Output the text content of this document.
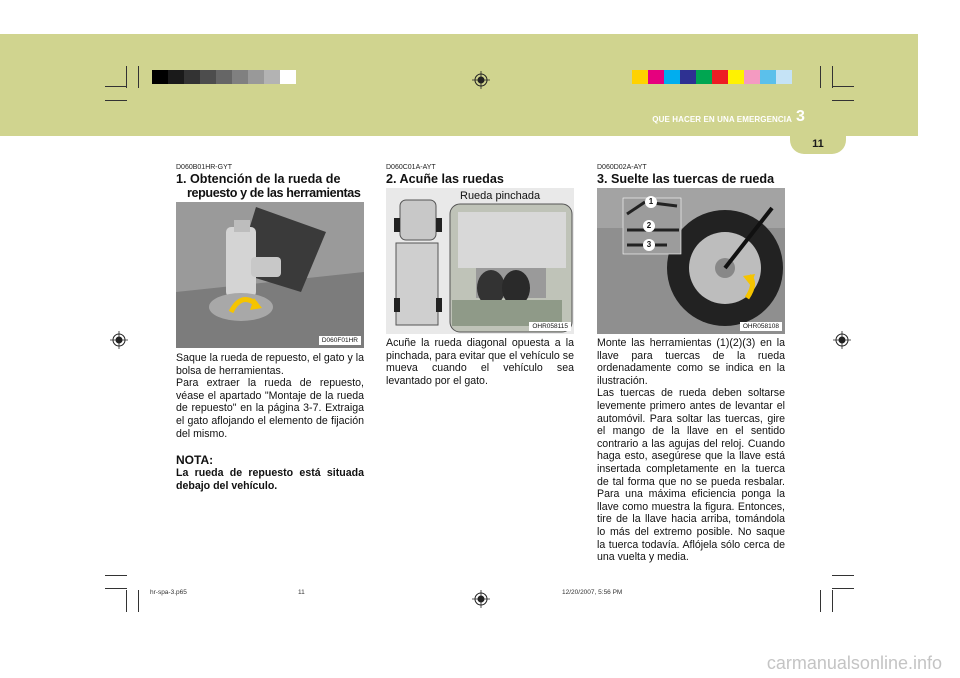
11
QUE HACER EN UNA EMERGENCIA 3
D060B01HR-GYT
1. Obtención de la rueda de
repuesto y de las herramientas
D060F01HR
Saque la rueda de repuesto, el gato y la bolsa de herramientas.
Para extraer la rueda de repuesto, véase el apartado "Montaje de la rueda de repuesto" en la página 3-7. Extraiga el gato aflojando el elemento de fijación del mismo.
NOTA:
La rueda de repuesto está situada debajo del vehículo.
D060C01A-AYT
2. Acuñe las ruedas
Rueda pinchada
OHR058115
Acuñe la rueda diagonal opuesta a la pinchada, para evitar que el vehículo se mueva cuando el vehículo sea levantado por el gato.
D060D02A-AYT
3. Suelte las tuercas de rueda
1
2
3
OHR058108
Monte las herramientas (1)(2)(3) en la llave para tuercas de la rueda ordenadamente como se indica en la ilustración.
Las tuercas de rueda deben soltarse levemente primero antes de levantar el automóvil. Para soltar las tuercas, gire el mango de la llave en el sentido contrario a las agujas del reloj. Cuando haga esto, asegúrese que la llave está insertada completamente en la tuerca de tal forma que no se pueda resbalar. Para una máxima eficiencia ponga la llave como muestra la figura. Entonces, tire de la llave hacia arriba, tomándola lo más del extremo posible. No saque la tuerca todavía. Aflójela sólo cerca de una vuelta y media.
hr-spa-3.p65	11	12/20/2007, 5:56 PM
carmanualsonline.info
